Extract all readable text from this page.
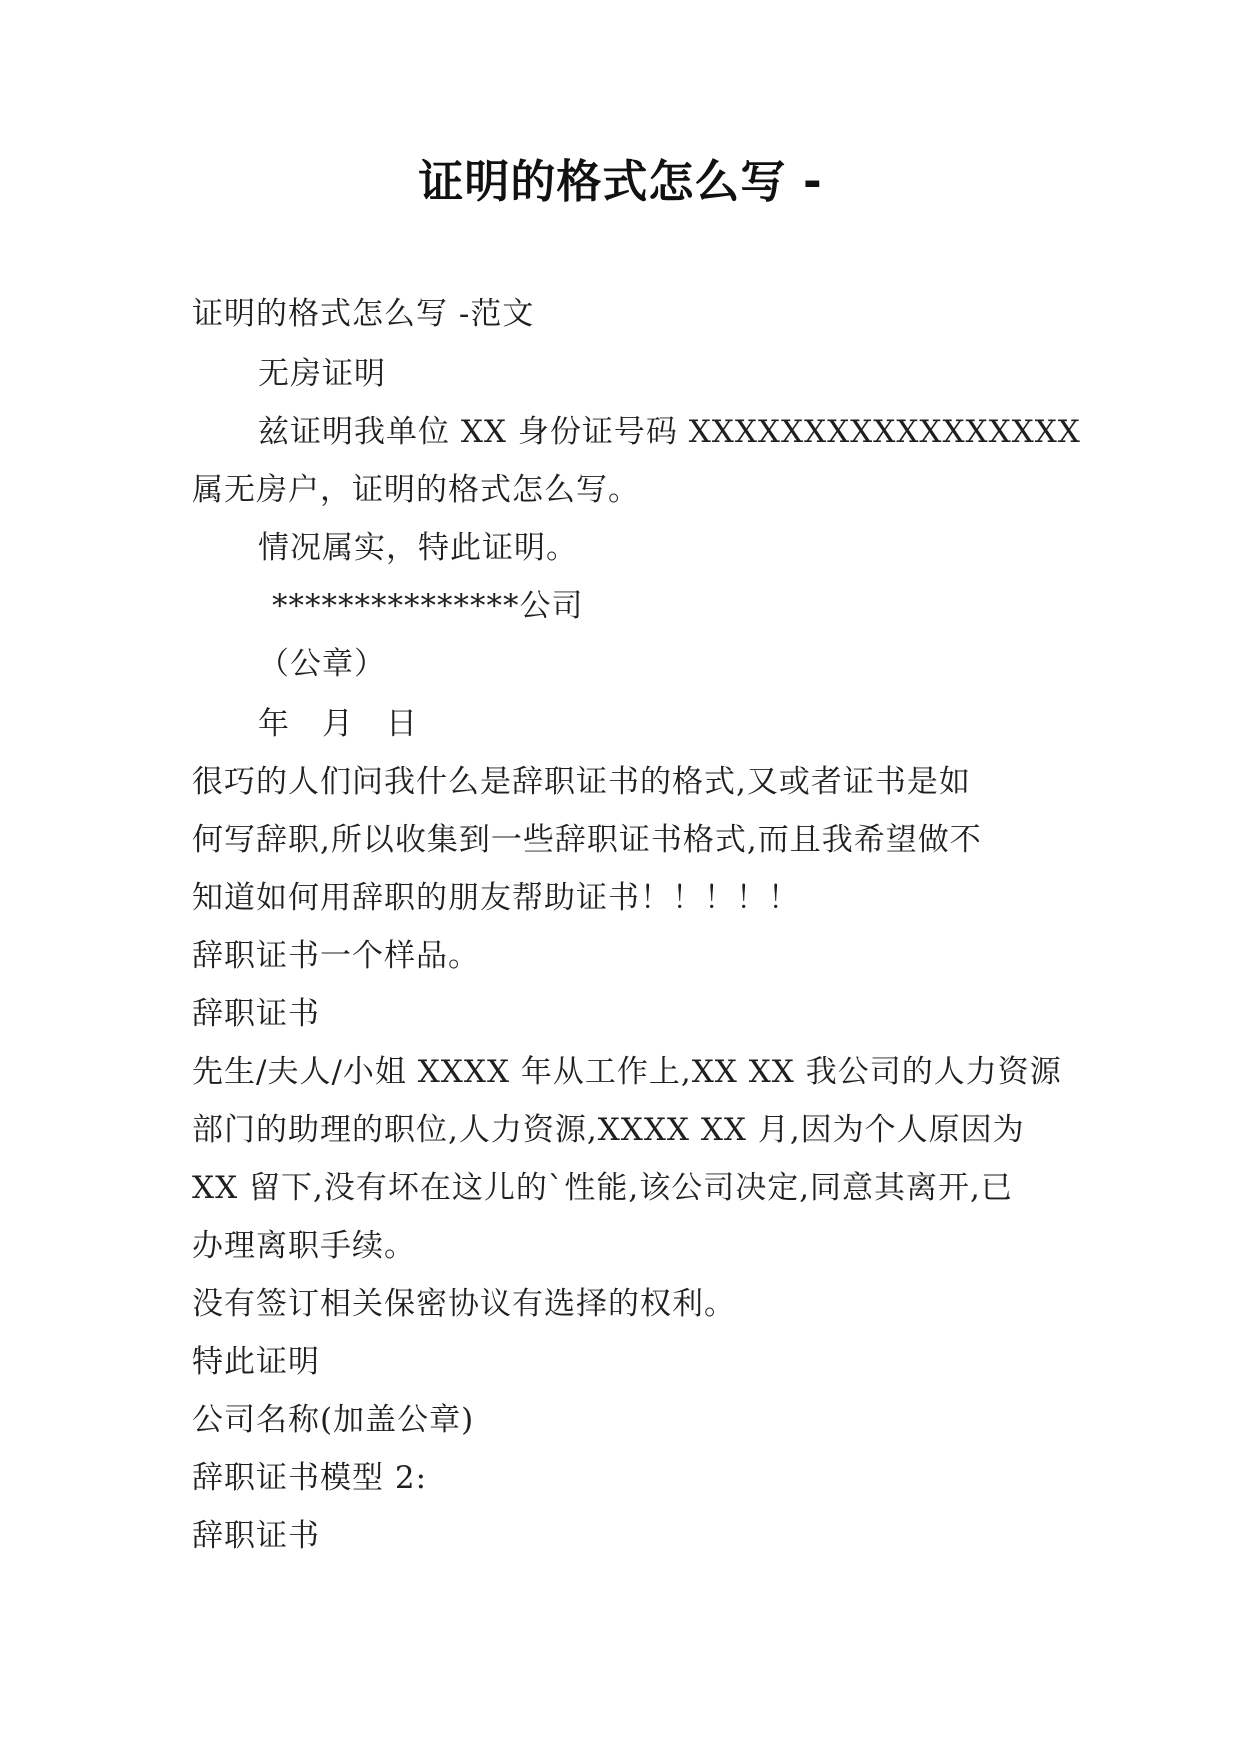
证明的格式怎么写 -

证明的格式怎么写 -范文

无房证明

兹证明我单位 XX 身份证号码 XXXXXXXXXXXXXXXXX

属无房户，证明的格式怎么写。

情况属实，特此证明。

***************公司

（公章）

年　月　日

很巧的人们问我什么是辞职证书的格式,又或者证书是如

何写辞职,所以收集到一些辞职证书格式,而且我希望做不

知道如何用辞职的朋友帮助证书！！！！！

辞职证书一个样品。

辞职证书

先生/夫人/小姐 XXXX 年从工作上,XX XX 我公司的人力资源

部门的助理的职位,人力资源,XXXX XX 月,因为个人原因为

XX 留下,没有坏在这儿的`性能,该公司决定,同意其离开,已

办理离职手续。

没有签订相关保密协议有选择的权利。

特此证明

公司名称(加盖公章)

辞职证书模型 2:

辞职证书
